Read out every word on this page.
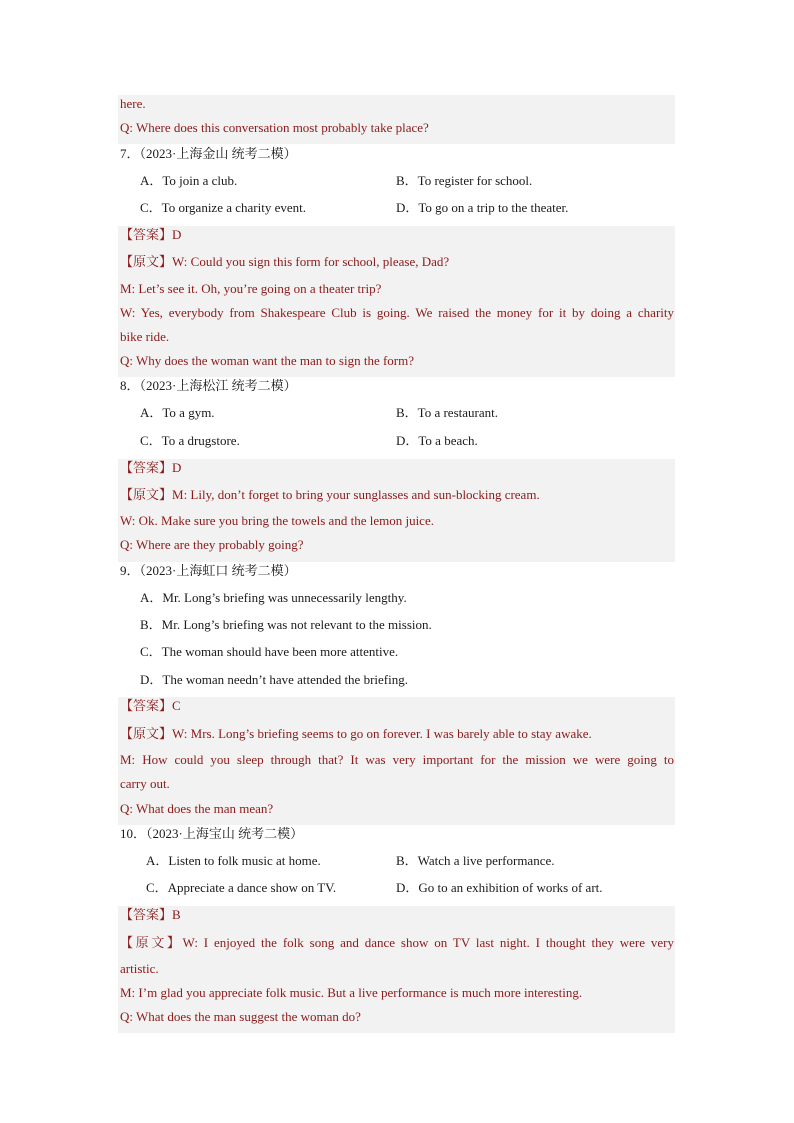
here.
Q: Where does this conversation most probably take place?
7．（2023·上海金山 统考二模）
A．To join a club.	B．To register for school.
C．To organize a charity event.	D．To go on a trip to the theater.
【答案】D
【原文】W: Could you sign this form for school, please, Dad?
M: Let’s see it. Oh, you’re going on a theater trip?
W: Yes, everybody from Shakespeare Club is going. We raised the money for it by doing a charity
bike ride.
Q: Why does the woman want the man to sign the form?
8．（2023·上海松江 统考二模）
A．To a gym.	B．To a restaurant.
C．To a drugstore.	D．To a beach.
【答案】D
【原文】M: Lily, don’t forget to bring your sunglasses and sun-blocking cream.
W: Ok. Make sure you bring the towels and the lemon juice.
Q: Where are they probably going?
9．（2023·上海虹口 统考二模）
A．Mr. Long’s briefing was unnecessarily lengthy.
B．Mr. Long’s briefing was not relevant to the mission.
C．The woman should have been more attentive.
D．The woman needn’t have attended the briefing.
【答案】C
【原文】W: Mrs. Long’s briefing seems to go on forever. I was barely able to stay awake.
M: How could you sleep through that? It was very important for the mission we were going to
carry out.
Q: What does the man mean?
10．（2023·上海宝山 统考二模）
A．Listen to folk music at home.	B．Watch a live performance.
C．Appreciate a dance show on TV.	D．Go to an exhibition of works of art.
【答案】B
【原文】W: I enjoyed the folk song and dance show on TV last night. I thought they were very
artistic.
M: I’m glad you appreciate folk music. But a live performance is much more interesting.
Q: What does the man suggest the woman do?
